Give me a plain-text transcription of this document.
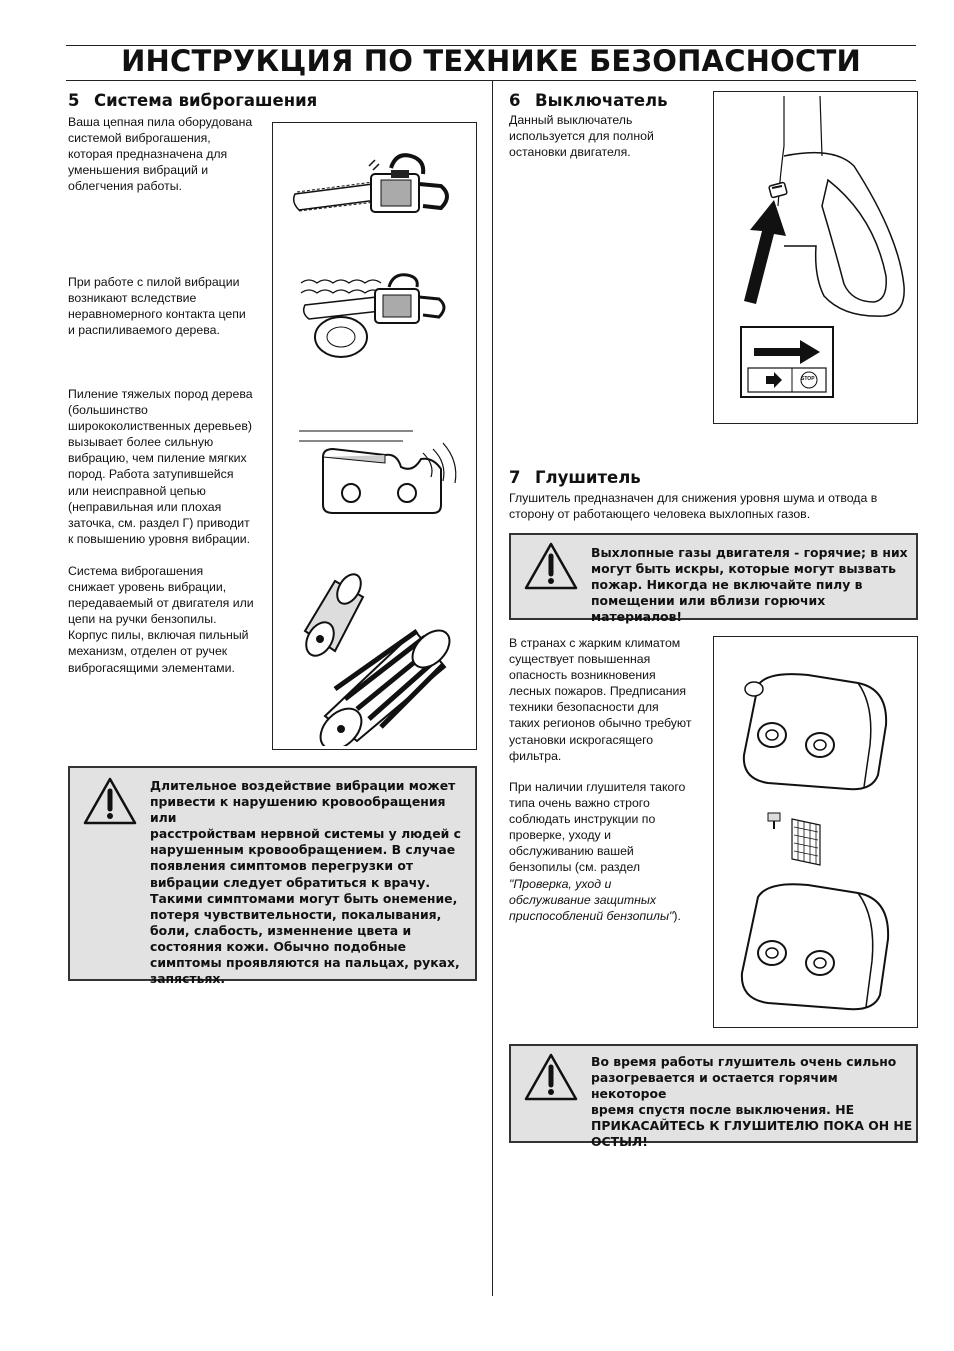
ИНСТРУКЦИЯ ПО ТЕХНИКЕ БЕЗОПАСНОСТИ
5 Система виброгашения
Ваша цепная пила оборудована
системой виброгашения,
которая предназначена для
уменьшения вибраций и
облегчения работы.
При работе с пилой вибрации
возникают вследствие
неравномерного контакта цепи
и распиливаемого дерева.
Пиление тяжелых пород дерева
(большинство
ширококолиственных деревьев)
вызывает более сильную
вибрацию, чем пиление мягких
пород. Работа затупившейся
или неисправной цепью
(неправильная или плохая
заточка, см. раздел Г) приводит
к повышению уровня вибрации.
Система виброгашения
снижает уровень вибрации,
передаваемый от двигателя или
цепи на ручки бензопилы.
Корпус пилы, включая пильный
механизм, отделен от ручек
виброгасящими элементами.
Длительное воздействие вибрации может
привести к нарушению кровообращения или
расстройствам нервной системы у людей с
нарушенным кровообращением. В случае
появления симптомов перегрузки от
вибрации следует обратиться к врачу.
Такими симптомами могут быть онемение,
потеря чувствительности, покалывания,
боли, слабость, изменнение цвета и
состояния кожи. Обычно подобные
симптомы проявляются на пальцах, руках,
запястьях.
6 Выключатель
Данный выключатель
используется для полной
остановки двигателя.
STOP
7 Глушитель
Глушитель предназначен для снижения уровня шума и отвода в
сторону от работающего человека выхлопных газов.
Выхлопные газы двигателя - горячие; в них
могут быть искры, которые могут вызвать
пожар. Никогда не включайте пилу в
помещении или вблизи горючих материалов!
В странах с жарким климатом
существует повышенная
опасность возникновения
лесных пожаров. Предписания
техники безопасности для
таких регионов обычно требуют
установки искрогасящего
фильтра.
При наличии глушителя такого
типа очень важно строго
соблюдать инструкции по
проверке, уходу и
обслуживанию вашей
бензопилы (см. раздел
"Проверка, уход и
обслуживание защитных
приспособлений бензопилы").
Во время работы глушитель очень сильно
разогревается и остается горячим некоторое
время спустя после выключения. НЕ
ПРИКАСАЙТЕСЬ К ГЛУШИТЕЛЮ ПОКА ОН НЕ
ОСТЫЛ!
